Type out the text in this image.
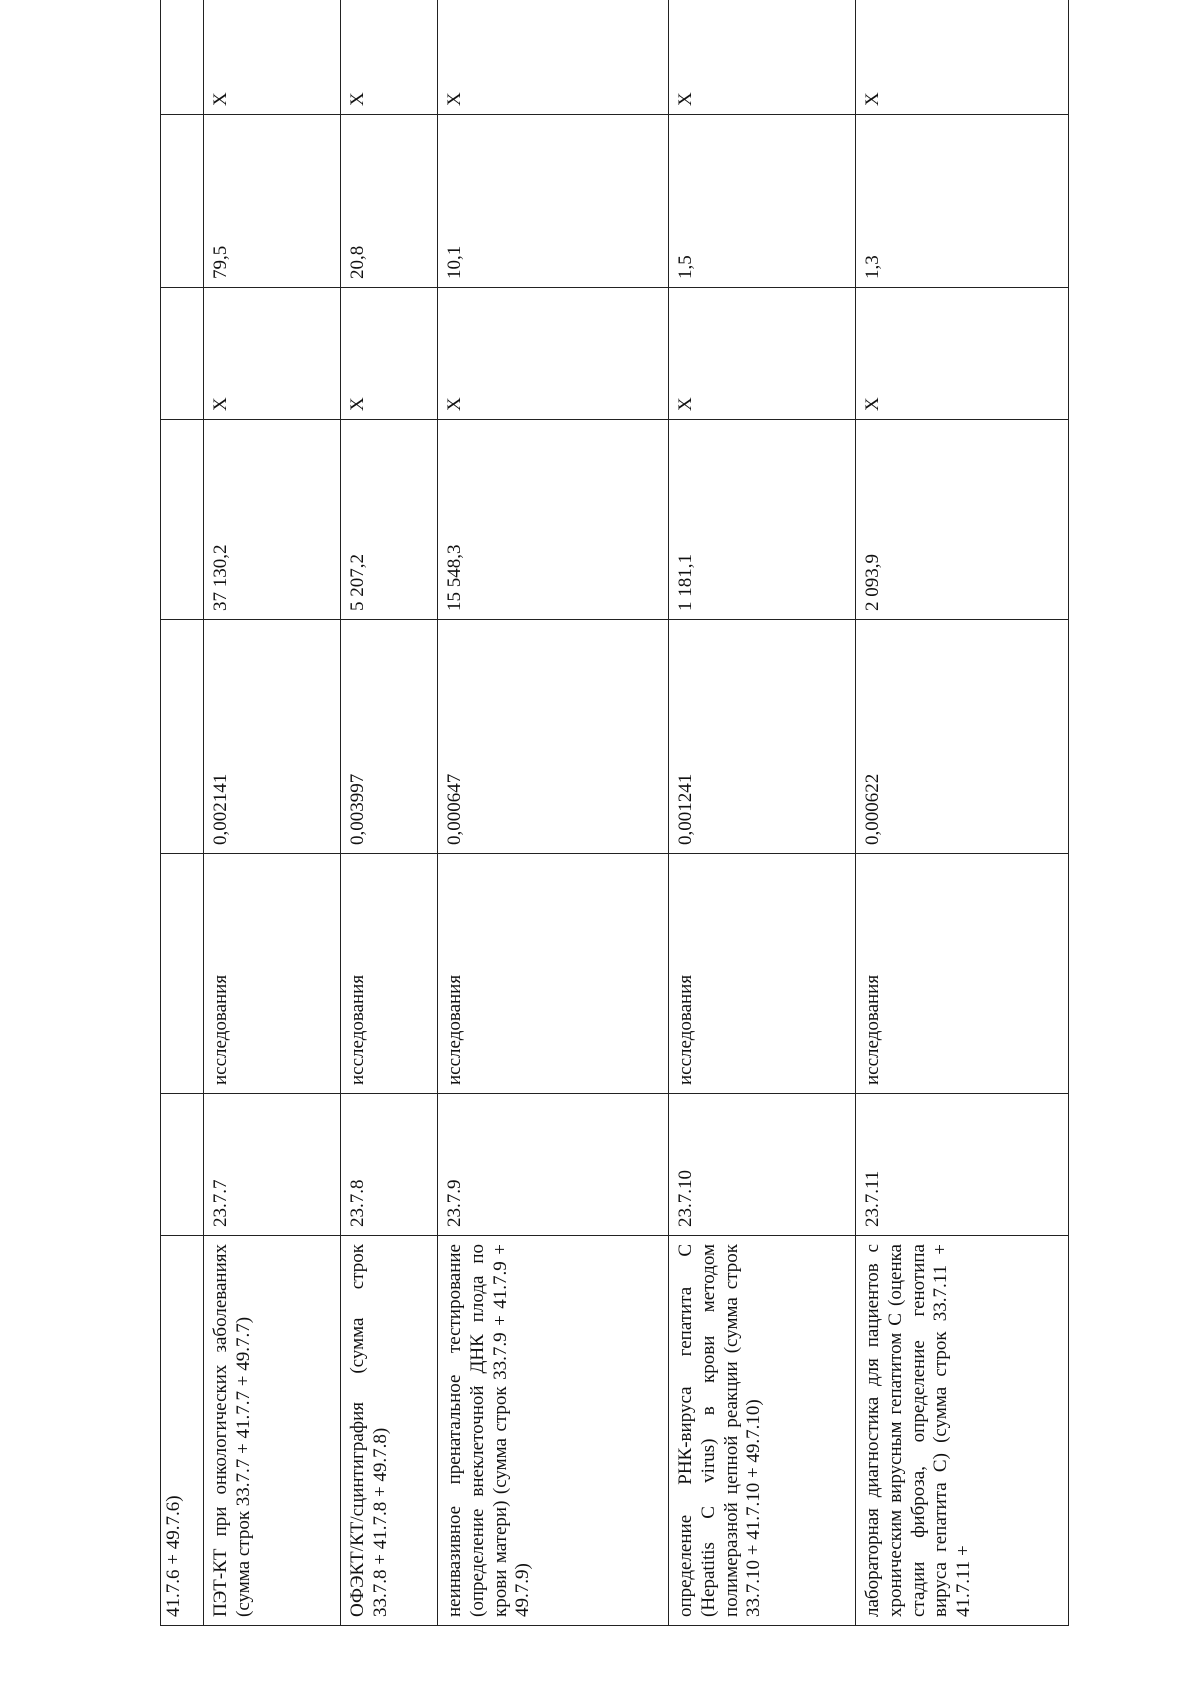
41.7.6 + 49.7.6)									
ПЭТ-КТ при онкологических заболеваниях (сумма строк 33.7.7 + 41.7.7 + 49.7.7)	23.7.7	исследования	0,002141	37 130,2	X	79,5	X		
ОФЭКТ/КТ/сцинтиграфия (сумма строк 33.7.8 + 41.7.8 + 49.7.8)	23.7.8	исследования	0,003997	5 207,2	X	20,8	X		
неинвазивное пренатальное тестирование (определение внеклеточной ДНК плода по крови матери) (сумма строк 33.7.9 + 41.7.9 + 49.7.9)	23.7.9	исследования	0,000647	15 548,3	X	10,1	X		
определение РНК-вируса гепатита С (Hepatitis C virus) в крови методом полимеразной цепной реакции (сумма строк 33.7.10 + 41.7.10 + 49.7.10)	23.7.10	исследования	0,001241	1 181,1	X	1,5	X		
лабораторная диагностика для пациентов с хроническим вирусным гепатитом С (оценка стадии фиброза, определение генотипа вируса гепатита С) (сумма строк 33.7.11 + 41.7.11 +	23.7.11	исследования	0,000622	2 093,9	X	1,3	X		
